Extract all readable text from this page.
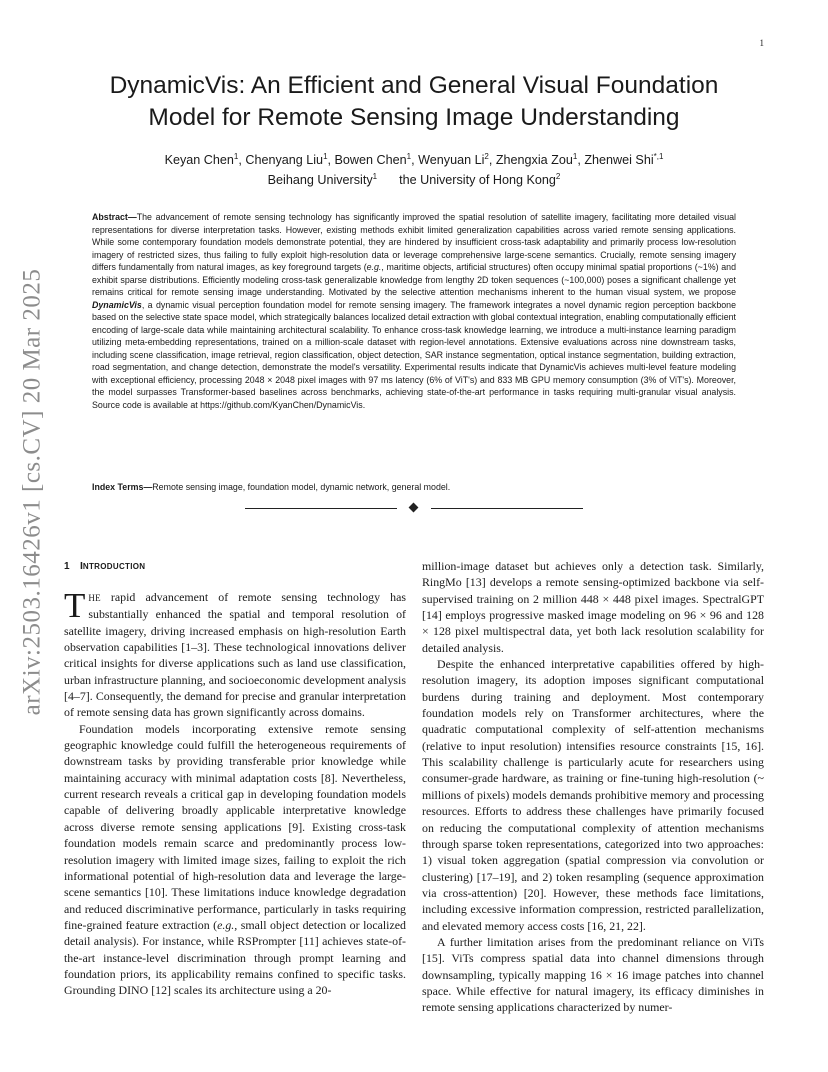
1
arXiv:2503.16426v1 [cs.CV] 20 Mar 2025
DynamicVis: An Efficient and General Visual Foundation
Model for Remote Sensing Image Understanding
Keyan Chen$^1$, Chenyang Liu$^1$, Bowen Chen$^1$, Wenyuan Li$^2$, Zhengxia Zou$^1$, Zhenwei Shi$^{*,1}$
Beihang University$^1$ the University of Hong Kong$^2$

Abstract—The advancement of remote sensing technology has significantly improved the spatial resolution of satellite imagery, facilitating more detailed visual representations for diverse interpretation tasks. However, existing methods exhibit limited generalization capabilities across varied remote sensing applications. While some contemporary foundation models demonstrate potential, they are hindered by insufficient cross-task adaptability and primarily process low-resolution imagery of restricted sizes, thus failing to fully exploit high-resolution data or leverage comprehensive large-scene semantics. Crucially, remote sensing imagery differs fundamentally from natural images, as key foreground targets (e.g., maritime objects, artificial structures) often occupy minimal spatial proportions (~1%) and exhibit sparse distributions. Efficiently modeling cross-task generalizable knowledge from lengthy 2D token sequences (~100,000) poses a significant challenge yet remains critical for remote sensing image understanding. Motivated by the selective attention mechanisms inherent to the human visual system, we propose DynamicVis, a dynamic visual perception foundation model for remote sensing imagery. The framework integrates a novel dynamic region perception backbone based on the selective state space model, which strategically balances localized detail extraction with global contextual integration, enabling computationally efficient encoding of large-scale data while maintaining architectural scalability. To enhance cross-task knowledge learning, we introduce a multi-instance learning paradigm utilizing meta-embedding representations, trained on a million-scale dataset with region-level annotations. Extensive evaluations across nine downstream tasks, including scene classification, image retrieval, region classification, object detection, SAR instance segmentation, optical instance segmentation, building extraction, road segmentation, and change detection, demonstrate the model's versatility. Experimental results indicate that DynamicVis achieves multi-level feature modeling with exceptional efficiency, processing 2048 × 2048 pixel images with 97 ms latency (6% of ViT's) and 833 MB GPU memory consumption (3% of ViT's). Moreover, the model surpasses Transformer-based baselines across benchmarks, achieving state-of-the-art performance in tasks requiring multi-granular visual analysis. Source code is available at https://github.com/KyanChen/DynamicVis.

Index Terms—Remote sensing image, foundation model, dynamic network, general model.

1 INTRODUCTION

THE rapid advancement of remote sensing technology has substantially enhanced the spatial and temporal resolution of satellite imagery, driving increased emphasis on high-resolution Earth observation capabilities [1–3]. These technological innovations deliver critical insights for diverse applications such as land use classification, urban infrastructure planning, and socioeconomic development analysis [4–7]. Consequently, the demand for precise and granular interpretation of remote sensing data has grown significantly across domains.

Foundation models incorporating extensive remote sensing geographic knowledge could fulfill the heterogeneous requirements of downstream tasks by providing transferable prior knowledge while maintaining accuracy with minimal adaptation costs [8]. Nevertheless, current research reveals a critical gap in developing foundation models capable of delivering broadly applicable interpretative knowledge across diverse remote sensing applications [9]. Existing cross-task foundation models remain scarce and predominantly process low-resolution imagery with limited image sizes, failing to exploit the rich informational potential of high-resolution data and leverage the large-scene semantics [10]. These limitations induce knowledge degradation and reduced discriminative performance, particularly in tasks requiring fine-grained feature extraction (e.g., small object detection or localized detail analysis). For instance, while RSPrompter [11] achieves state-of-the-art instance-level discrimination through prompt learning and foundation priors, its applicability remains confined to specific tasks. Grounding DINO [12] scales its architecture using a 20-

million-image dataset but achieves only a detection task. Similarly, RingMo [13] develops a remote sensing-optimized backbone via self-supervised training on 2 million 448 × 448 pixel images. SpectralGPT [14] employs progressive masked image modeling on 96 × 96 and 128 × 128 pixel multispectral data, yet both lack resolution scalability for detailed analysis.

Despite the enhanced interpretative capabilities offered by high-resolution imagery, its adoption imposes significant computational burdens during training and deployment. Most contemporary foundation models rely on Transformer architectures, where the quadratic computational complexity of self-attention mechanisms (relative to input resolution) intensifies resource constraints [15, 16]. This scalability challenge is particularly acute for researchers using consumer-grade hardware, as training or fine-tuning high-resolution (~ millions of pixels) models demands prohibitive memory and processing resources. Efforts to address these challenges have primarily focused on reducing the computational complexity of attention mechanisms through sparse token representations, categorized into two approaches: 1) visual token aggregation (spatial compression via convolution or clustering) [17–19], and 2) token resampling (sequence approximation via cross-attention) [20]. However, these methods face limitations, including excessive information compression, restricted parallelization, and elevated memory access costs [16, 21, 22].

A further limitation arises from the predominant reliance on ViTs [15]. ViTs compress spatial data into channel dimensions through downsampling, typically mapping 16 × 16 image patches into channel space. While effective for natural imagery, its efficacy diminishes in remote sensing applications characterized by numer-
